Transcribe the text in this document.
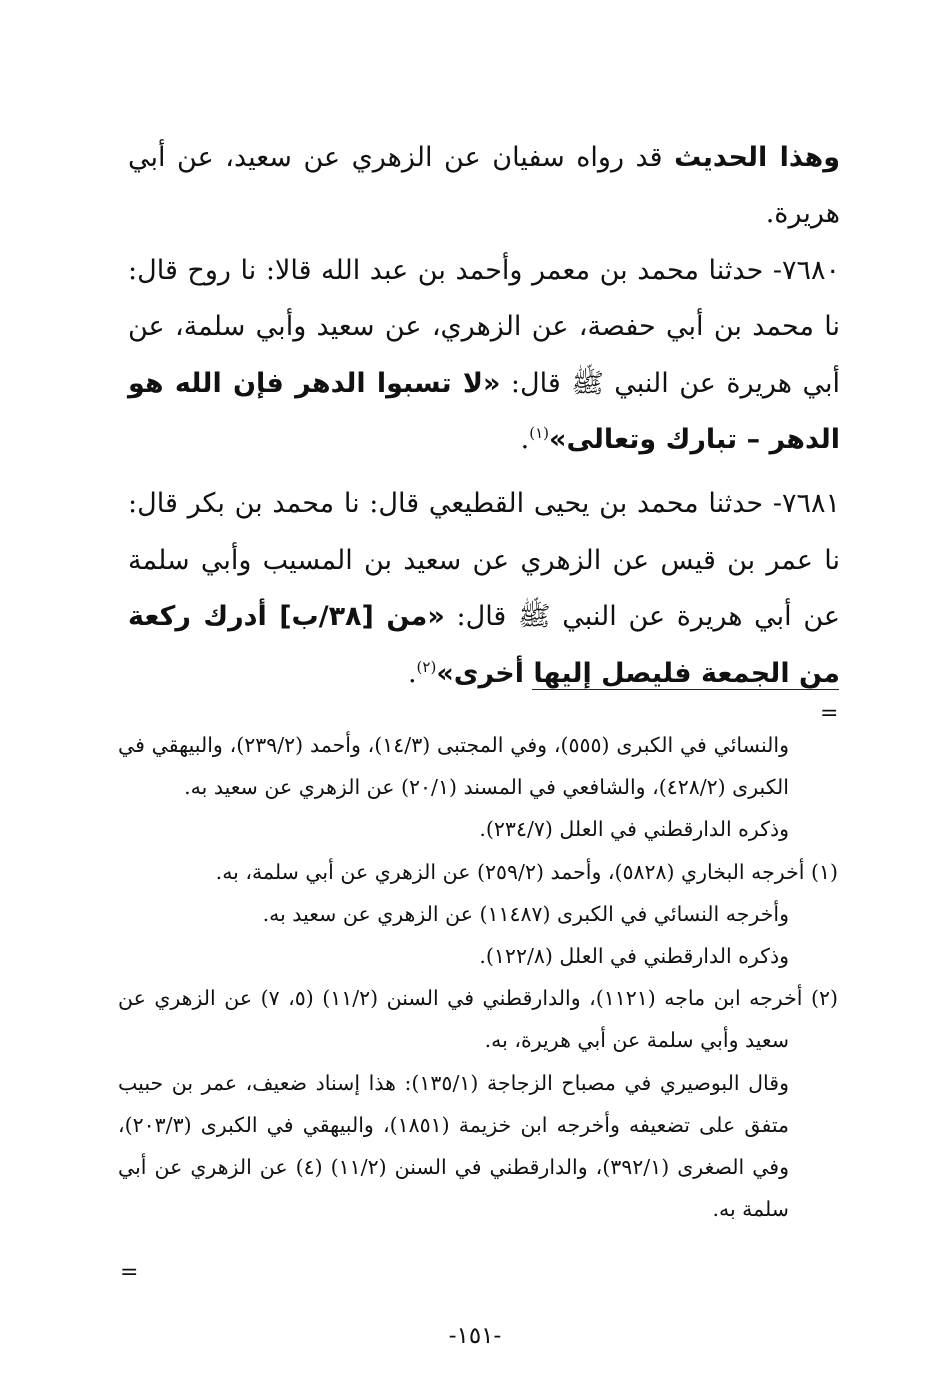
وهذا الحديث قد رواه سفيان عن الزهري عن سعيد، عن أبي هريرة.

٧٦٨٠- حدثنا محمد بن معمر وأحمد بن عبد الله قالا: نا روح قال: نا محمد بن أبي حفصة، عن الزهري، عن سعيد وأبي سلمة، عن أبي هريرة عن النبي ﷺ قال: «لا تسبوا الدهر فإن الله هو الدهر – تبارك وتعالى»$^{(١)}$.

٧٦٨١- حدثنا محمد بن يحيى القطيعي قال: نا محمد بن بكر قال: نا عمر بن قيس عن الزهري عن سعيد بن المسيب وأبي سلمة عن أبي هريرة عن النبي ﷺ قال: «من [٣٨/ب] أدرك ركعة من الجمعة فليصل إليها أخرى»$^{(٢)}$.

=

والنسائي في الكبرى (٥٥٥)، وفي المجتبى (١٤/٣)، وأحمد (٢٣٩/٢)، والبيهقي في الكبرى (٤٢٨/٢)، والشافعي في المسند (٢٠/١) عن الزهري عن سعيد به.

وذكره الدارقطني في العلل (٢٣٤/٧).

(١) أخرجه البخاري (٥٨٢٨)، وأحمد (٢٥٩/٢) عن الزهري عن أبي سلمة، به.

وأخرجه النسائي في الكبرى (١١٤٨٧) عن الزهري عن سعيد به.

وذكره الدارقطني في العلل (١٢٢/٨).

(٢) أخرجه ابن ماجه (١١٢١)، والدارقطني في السنن (١١/٢) (٥، ٧) عن الزهري عن سعيد وأبي سلمة عن أبي هريرة، به.

وقال البوصيري في مصباح الزجاجة (١٣٥/١): هذا إسناد ضعيف، عمر بن حبيب متفق على تضعيفه وأخرجه ابن خزيمة (١٨٥١)، والبيهقي في الكبرى (٢٠٣/٣)، وفي الصغرى (٣٩٢/١)، والدارقطني في السنن (١١/٢) (٤) عن الزهري عن أبي سلمة به.

=
-١٥١-
